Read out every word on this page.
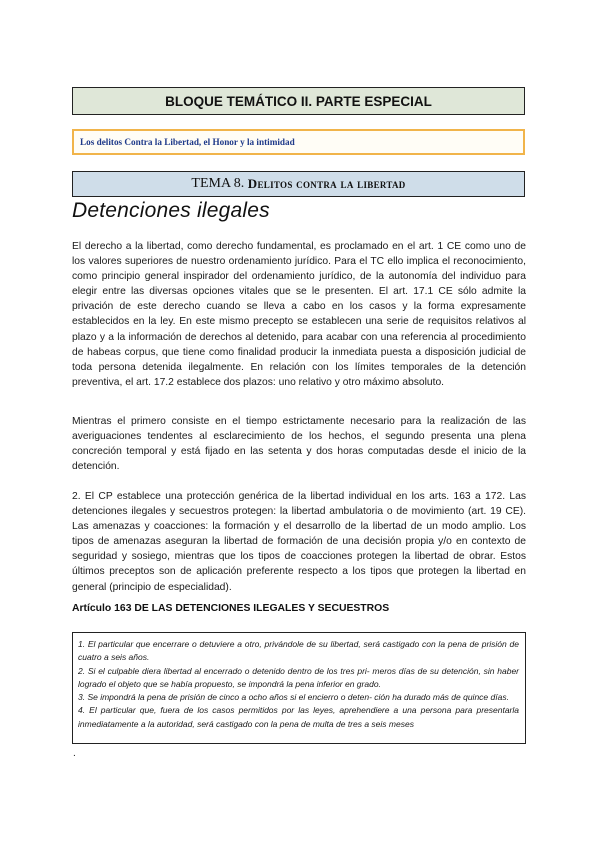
BLOQUE TEMÁTICO II. PARTE ESPECIAL
Los delitos Contra la Libertad, el Honor y la intimidad
TEMA 8.
Delitos contra la libertad
Detenciones ilegales

El derecho a la libertad, como derecho fundamental, es proclamado en el art. 1 CE como uno de los valores superiores de nuestro ordenamiento jurídico. Para el TC ello implica el reconocimiento, como principio general inspirador del ordenamiento jurídico, de la autonomía del individuo para elegir entre las diversas opciones vitales que se le presenten. El art. 17.1 CE sólo admite la privación de este derecho cuando se lleva a cabo en los casos y la forma expresamente establecidos en la ley. En este mismo precepto se establecen una serie de requisitos relativos al plazo y a la información de derechos al detenido, para acabar con una referencia al procedimiento de habeas corpus, que tiene como finalidad producir la inmediata puesta a disposición judicial de toda persona detenida ilegalmente. En relación con los límites temporales de la detención preventiva, el art. 17.2 establece dos plazos: uno relativo y otro máximo absoluto.

Mientras el primero consiste en el tiempo estrictamente necesario para la realización de las averiguaciones tendentes al esclarecimiento de los hechos, el segundo presenta una plena concreción temporal y está fijado en las setenta y dos horas computadas desde el inicio de la detención.

2. El CP establece una protección genérica de la libertad individual en los arts. 163 a 172. Las detenciones ilegales y secuestros protegen: la libertad ambulatoria o de movimiento (art. 19 CE). Las amenazas y coacciones: la formación y el desarrollo de la libertad de un modo amplio. Los tipos de amenazas aseguran la libertad de formación de una decisión propia y/o en contexto de seguridad y sosiego, mientras que los tipos de coacciones protegen la libertad de obrar. Estos últimos preceptos son de aplicación preferente respecto a los tipos que protegen la libertad en general (principio de especialidad).

Artículo 163 DE LAS DETENCIONES ILEGALES Y SECUESTROS

1. El particular que encerrare o detuviere a otro, privándole de su libertad, será castigado con la pena de prisión de cuatro a seis años.

2. Si el culpable diera libertad al encerrado o detenido dentro de los tres pri- meros días de su detención, sin haber logrado el objeto que se había propuesto, se impondrá la pena inferior en grado.

3. Se impondrá la pena de prisión de cinco a ocho años si el encierro o deten- ción ha durado más de quince días.

4. El particular que, fuera de los casos permitidos por las leyes, aprehendiere a una persona para presentarla inmediatamente a la autoridad, será castigado con la pena de multa de tres a seis meses

.
